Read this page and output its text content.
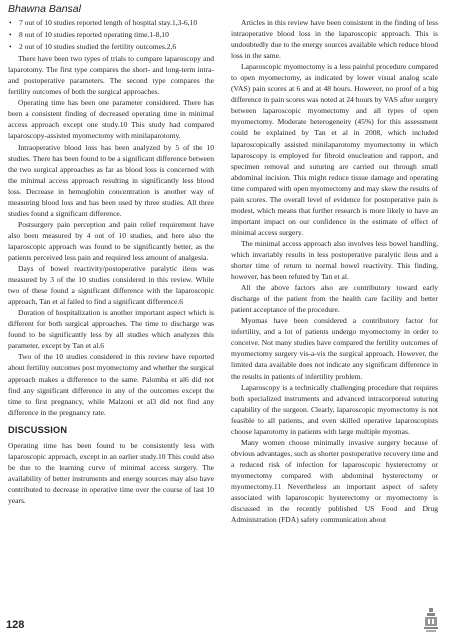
Bhawna Bansal
• 7 out of 10 studies reported length of hospital stay.1,3-6,10
• 8 out of 10 studies reported operating time.1-8,10
• 2 out of 10 studies studied the fertility outcomes.2,6

There have been two types of trials to compare laparoscopy and laparotomy. The first type compares the short- and long-term intra- and postoperative parameters. The second type compares the fertility outcomes of both the surgical approaches.

Operating time has been one parameter considered. There has been a consistent finding of decreased operating time in minimal access approach except one study.10 This study had compared laparoscopy-assisted myomectomy with minilaparotomy.

Intraoperative blood loss has been analyzed by 5 of the 10 studies. There has been found to be a significant difference between the two surgical approaches as far as blood loss is concerned with the minimal access approach resulting in significantly less blood loss. Decrease in hemoglobin concentration is another way of measuring blood loss and has been used by three studies. All three studies found a significant difference.

Postsurgery pain perception and pain relief requirement have also been measured by 4 out of 10 studies, and here also the laparoscopic approach was found to be significantly better, as the patients perceived less pain and required less amount of analgesia.

Days of bowel reactivity/postoperative paralytic ileus was measured by 3 of the 10 studies considered in this review. While two of these found a significant difference with the laparoscopic approach, Tan et al failed to find a significant difference.6

Duration of hospitalization is another important aspect which is different for both surgical approaches. The time to discharge was found to be significantly less by all studies which analyzes this parameter, except by Tan et al.6

Two of the 10 studies considered in this review have reported about fertility outcomes post myomectomy and whether the surgical approach makes a difference to the same. Palomba et al6 did not find any significant difference in any of the outcomes except the time to first pregnancy, while Malzoni et al3 did not find any difference in the pregnancy rate.

DISCUSSION

Operating time has been found to be consistently less with laparoscopic approach, except in an earlier study.10 This could also be due to the learning curve of minimal access surgery. The availability of better instruments and energy sources may also have contributed to decrease in operative time over the course of last 10 years.

Articles in this review have been consistent in the finding of less intraoperative blood loss in the laparoscopic approach. This is undoubtedly due to the energy sources available which reduce blood loss in the same.

Laparoscopic myomectomy is a less painful procedure compared to open myomectomy, as indicated by lower visual analog scale (VAS) pain scores at 6 and at 48 hours. However, no proof of a big difference in pain scores was noted at 24 hours by VAS after surgery between laparoscopic myomectomy and all types of open myomectomy. Moderate heterogeneity (45%) for this assessment could be explained by Tan et al in 2008, which included laparoscopically assisted minilaparotomy myomectomy in which laparoscopy is employed for fibroid enucleation and rapport, and specimen removal and suturing are carried out through small abdominal incision. This might reduce tissue damage and operating time compared with open myomectomy and may skew the results of pain scores. The overall level of evidence for postoperative pain is modest, which means that further research is more likely to have an important impact on our confidence in the estimate of effect of minimal access surgery.

The minimal access approach also involves less bowel handling, which invariably results in less postoperative paralytic ileus and a shorter time of return to normal bowel reactivity. This finding, however, has been refuted by Tan et al.

All the above factors also are contributory toward early discharge of the patient from the health care facility and better patient acceptance of the procedure.

Myomas have been considered a contributory factor for infertility, and a lot of patients undergo myomectomy in order to conceive. Not many studies have compared the fertility outcomes of myomectomy surgery vis-a-vis the surgical approach. However, the limited data available does not indicate any significant difference in the results in patients of infertility problem.

Laparoscopy is a technically challenging procedure that requires both specialized instruments and advanced intracorporeal suturing capability of the surgeon. Clearly, laparoscopic myomectomy is not feasible to all patients, and even skilled operative laparoscopists choose laparotomy in patients with large multiple myomas.

Many women choose minimally invasive surgery because of obvious advantages, such as shorter postoperative recovery time and a reduced risk of infection for laparoscopic hysterectomy or myomectomy compared with abdominal hysterectomy or myomectomy.11 Nevertheless an important aspect of safety associated with laparoscopic hysterectomy or myomectomy is discussed in the recently published US Food and Drug Administration (FDA) safety communication about

128
